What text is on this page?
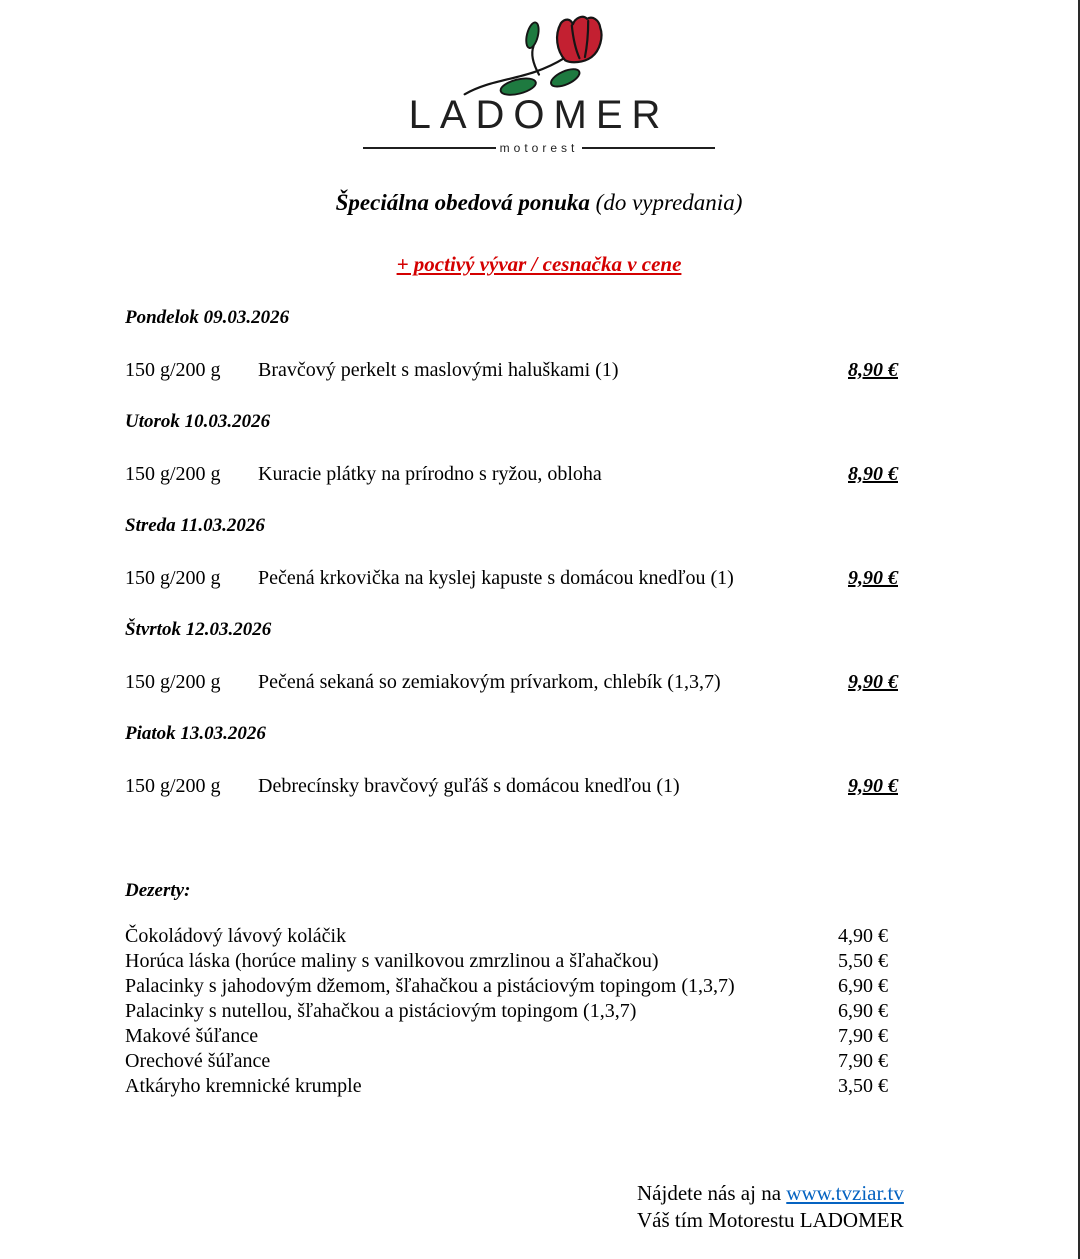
LADOMER
motorest
Špeciálna obedová ponuka (do vypredania)
+ poctivý vývar / cesnačka v cene

Pondelok 09.03.2026

150 g/200 g	Bravčový perkelt s maslovými haluškami (1)	8,90 €

Utorok 10.03.2026

150 g/200 g	Kuracie plátky na prírodno s ryžou, obloha	8,90 €

Streda 11.03.2026

150 g/200 g	Pečená krkovička na kyslej kapuste s domácou knedľou (1)	9,90 €

Štvrtok 12.03.2026

150 g/200 g	Pečená sekaná so zemiakovým prívarkom, chlebík (1,3,7)	9,90 €

Piatok 13.03.2026

150 g/200 g	Debrecínsky bravčový guľáš s domácou knedľou (1)	9,90 €

Dezerty:

Čokoládový lávový koláčik	4,90 €
Horúca láska (horúce maliny s vanilkovou zmrzlinou a šľahačkou)	5,50 €
Palacinky s jahodovým džemom, šľahačkou a pistáciovým topingom (1,3,7)	6,90 €
Palacinky s nutellou, šľahačkou a pistáciovým topingom (1,3,7)	6,90 €
Makové šúľance	7,90 €
Orechové šúľance	7,90 €
Atkáryho kremnické krumple	3,50 €
Nájdete nás aj na www.tvziar.tv
Váš tím Motorestu LADOMER
